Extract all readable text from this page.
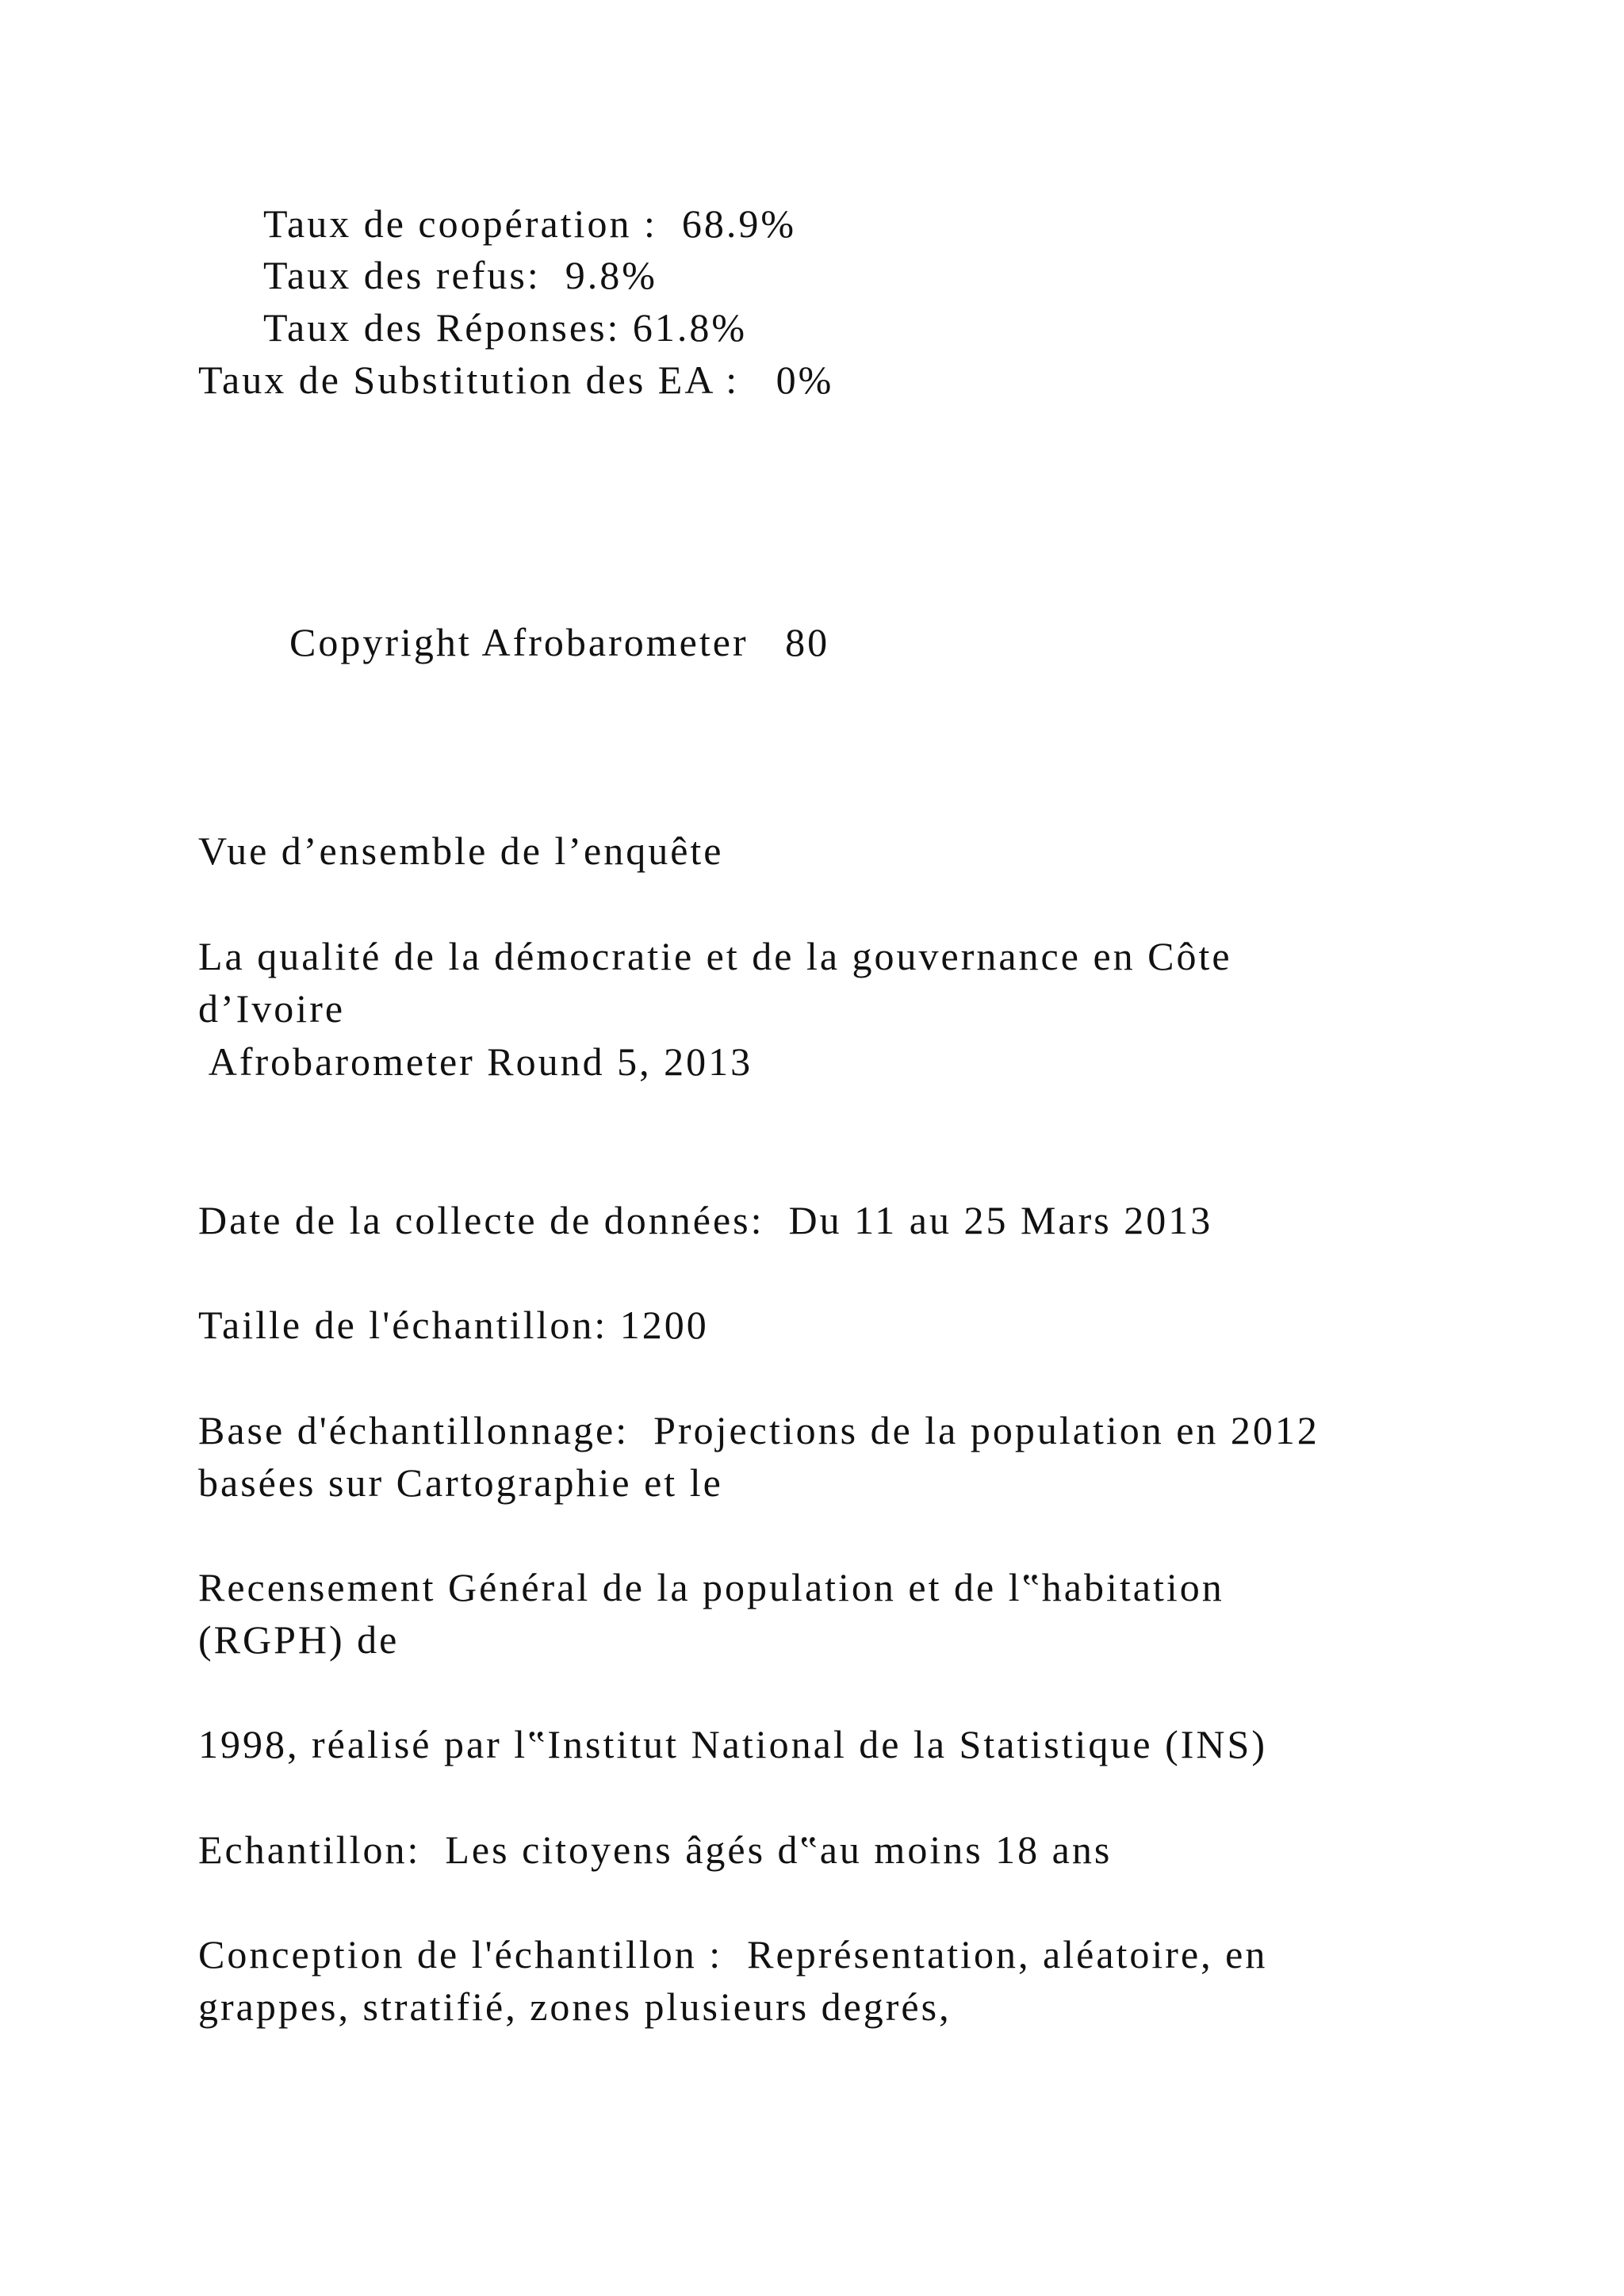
Taux de coopération :  68.9%
Taux des refus:  9.8%
Taux des Réponses: 61.8%
Taux de Substitution des EA :   0%
Copyright Afrobarometer   80
Vue d’ensemble de l’enquête
La qualité de la démocratie et de la gouvernance en Côte
d’Ivoire
Afrobarometer Round 5, 2013
Date de la collecte de données:  Du 11 au 25 Mars 2013
Taille de l'échantillon: 1200
Base d'échantillonnage:  Projections de la population en 2012
basées sur Cartographie et le
Recensement Général de la population et de l‟habitation
(RGPH) de
1998, réalisé par l‟Institut National de la Statistique (INS)
Echantillon:  Les citoyens âgés d‟au moins 18 ans
Conception de l'échantillon :  Représentation, aléatoire, en
grappes, stratifié, zones plusieurs degrés,
